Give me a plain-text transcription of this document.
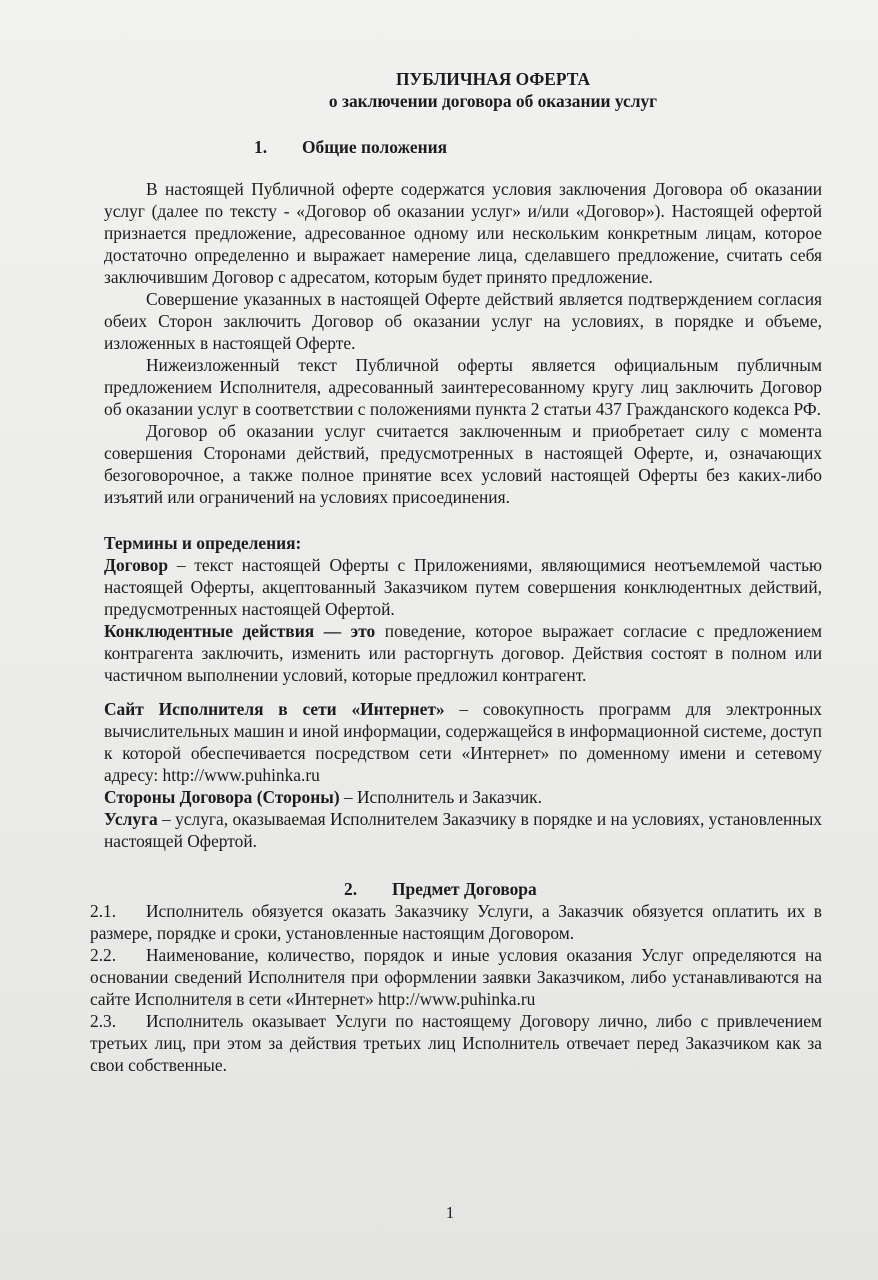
ПУБЛИЧНАЯ ОФЕРТА
о заключении договора об оказании услуг
1. Общие положения

В настоящей Публичной оферте содержатся условия заключения Договора об оказании услуг (далее по тексту - «Договор об оказании услуг» и/или «Договор»). Настоящей офертой признается предложение, адресованное одному или нескольким конкретным лицам, которое достаточно определенно и выражает намерение лица, сделавшего предложение, считать себя заключившим Договор с адресатом, которым будет принято предложение.

Совершение указанных в настоящей Оферте действий является подтверждением согласия обеих Сторон заключить Договор об оказании услуг на условиях, в порядке и объеме, изложенных в настоящей Оферте.

Нижеизложенный текст Публичной оферты является официальным публичным предложением Исполнителя, адресованный заинтересованному кругу лиц заключить Договор об оказании услуг в соответствии с положениями пункта 2 статьи 437 Гражданского кодекса РФ.

Договор об оказании услуг считается заключенным и приобретает силу с момента совершения Сторонами действий, предусмотренных в настоящей Оферте, и, означающих безоговорочное, а также полное принятие всех условий настоящей Оферты без каких-либо изъятий или ограничений на условиях присоединения.

Термины и определения:

Договор – текст настоящей Оферты с Приложениями, являющимися неотъемлемой частью настоящей Оферты, акцептованный Заказчиком путем совершения конклюдентных действий, предусмотренных настоящей Офертой.

Конклюдентные действия — это поведение, которое выражает согласие с предложением контрагента заключить, изменить или расторгнуть договор. Действия состоят в полном или частичном выполнении условий, которые предложил контрагент.

Сайт Исполнителя в сети «Интернет» – совокупность программ для электронных вычислительных машин и иной информации, содержащейся в информационной системе, доступ к которой обеспечивается посредством сети «Интернет» по доменному имени и сетевому адресу: http://www.puhinka.ru

Стороны Договора (Стороны) – Исполнитель и Заказчик.

Услуга – услуга, оказываемая Исполнителем Заказчику в порядке и на условиях, установленных настоящей Офертой.

2. Предмет Договора

2.1. Исполнитель обязуется оказать Заказчику Услуги, а Заказчик обязуется оплатить их в размере, порядке и сроки, установленные настоящим Договором.

2.2. Наименование, количество, порядок и иные условия оказания Услуг определяются на основании сведений Исполнителя при оформлении заявки Заказчиком, либо устанавливаются на сайте Исполнителя в сети «Интернет» http://www.puhinka.ru

2.3. Исполнитель оказывает Услуги по настоящему Договору лично, либо с привлечением третьих лиц, при этом за действия третьих лиц Исполнитель отвечает перед Заказчиком как за свои собственные.

1
